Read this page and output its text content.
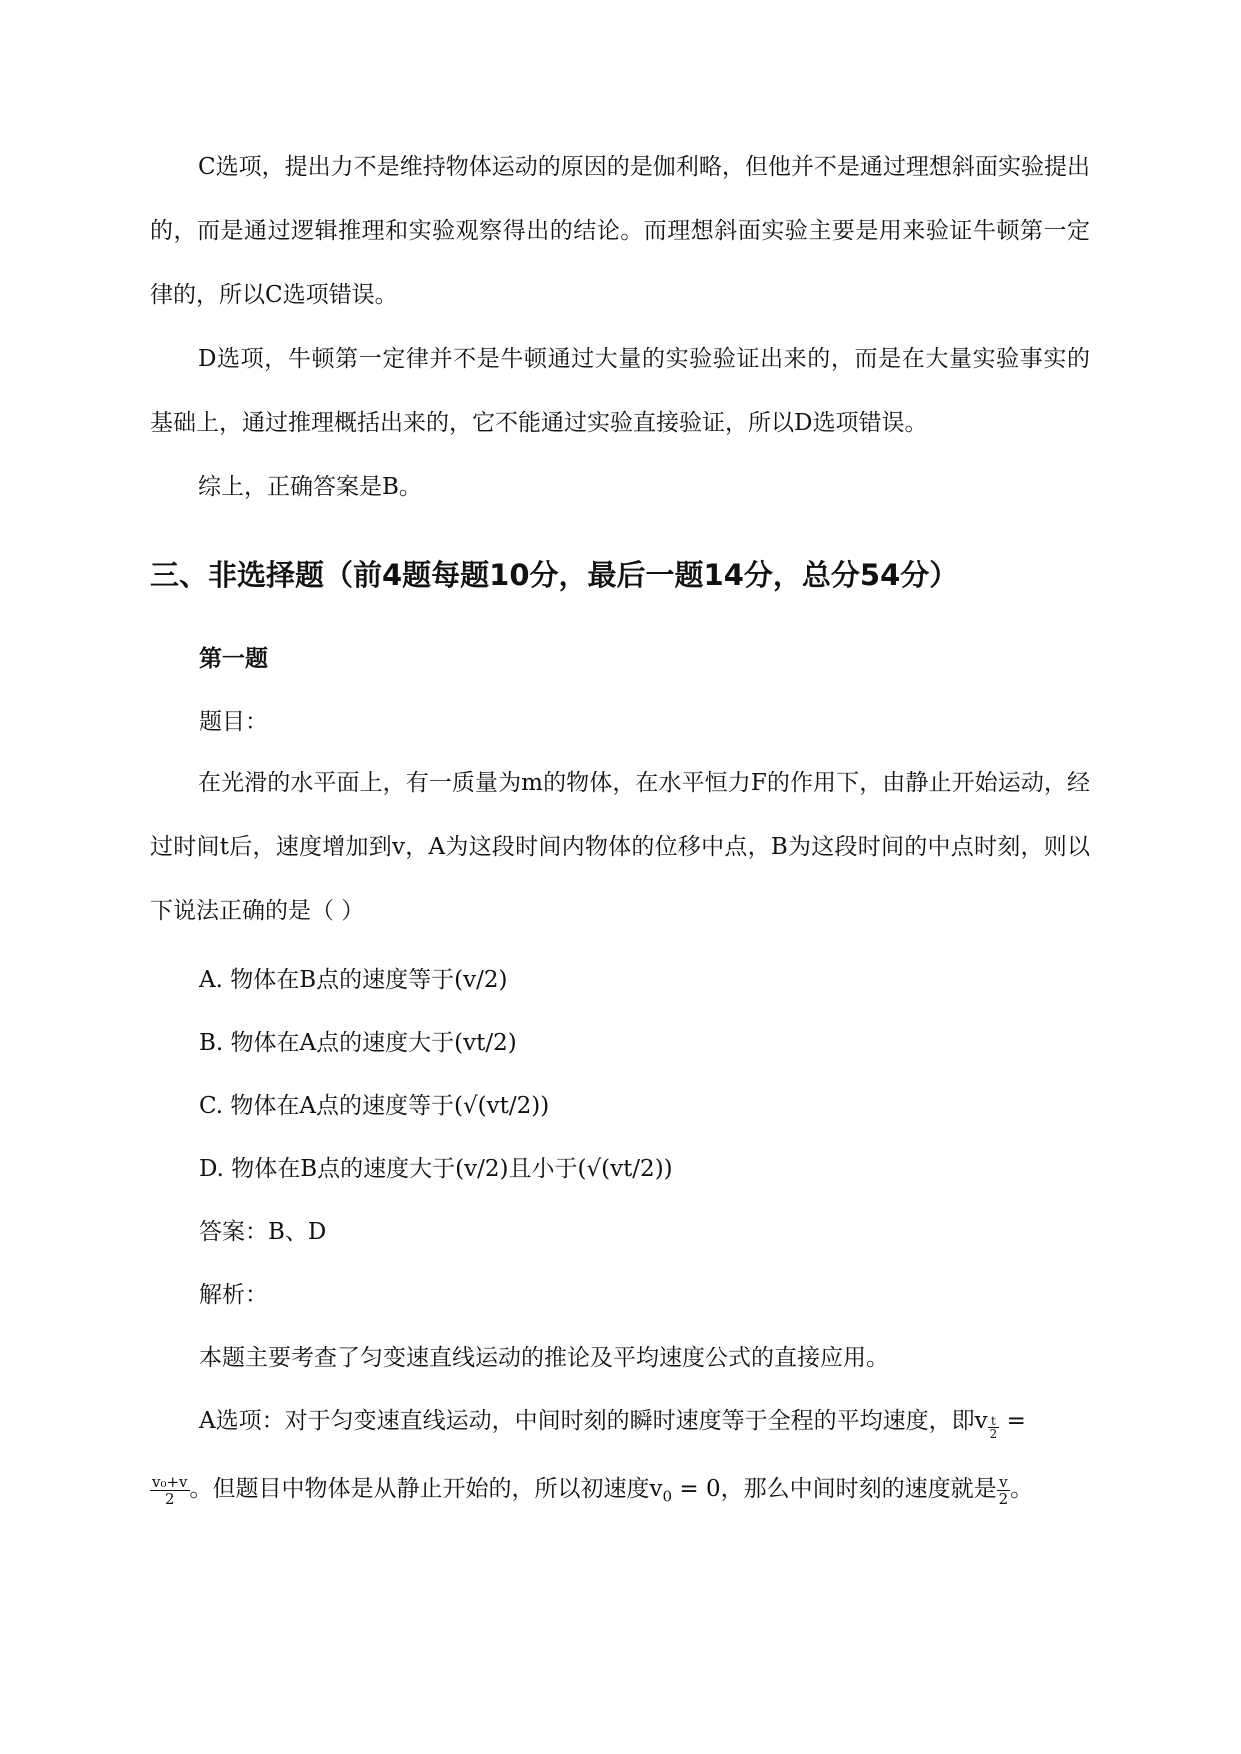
C选项，提出力不是维持物体运动的原因的是伽利略，但他并不是通过理想斜面实验提出的，而是通过逻辑推理和实验观察得出的结论。而理想斜面实验主要是用来验证牛顿第一定律的，所以C选项错误。

D选项，牛顿第一定律并不是牛顿通过大量的实验验证出来的，而是在大量实验事实的基础上，通过推理概括出来的，它不能通过实验直接验证，所以D选项错误。

综上，正确答案是B。

三、非选择题（前4题每题10分，最后一题14分，总分54分）
第一题

题目：

在光滑的水平面上，有一质量为m的物体，在水平恒力F的作用下，由静止开始运动，经过时间t后，速度增加到v，A为这段时间内物体的位移中点，B为这段时间的中点时刻，则以下说法正确的是（ ）

A. 物体在B点的速度等于(v/2)

B. 物体在A点的速度大于(vt/2)

C. 物体在A点的速度等于(√(vt/2))

D. 物体在B点的速度大于(v/2)且小于(√(vt/2))

答案：B、D

解析：

本题主要考查了匀变速直线运动的推论及平均速度公式的直接应用。

A选项：对于匀变速直线运动，中间时刻的瞬时速度等于全程的平均速度，即v $\frac{t}{2}$ =

$\frac{\text{v₀+v}}{2}$ 。但题目中物体是从静止开始的，所以初速度$v_0 = 0$，那么中间时刻的速度就是 $\frac{v}{2}$ 。
